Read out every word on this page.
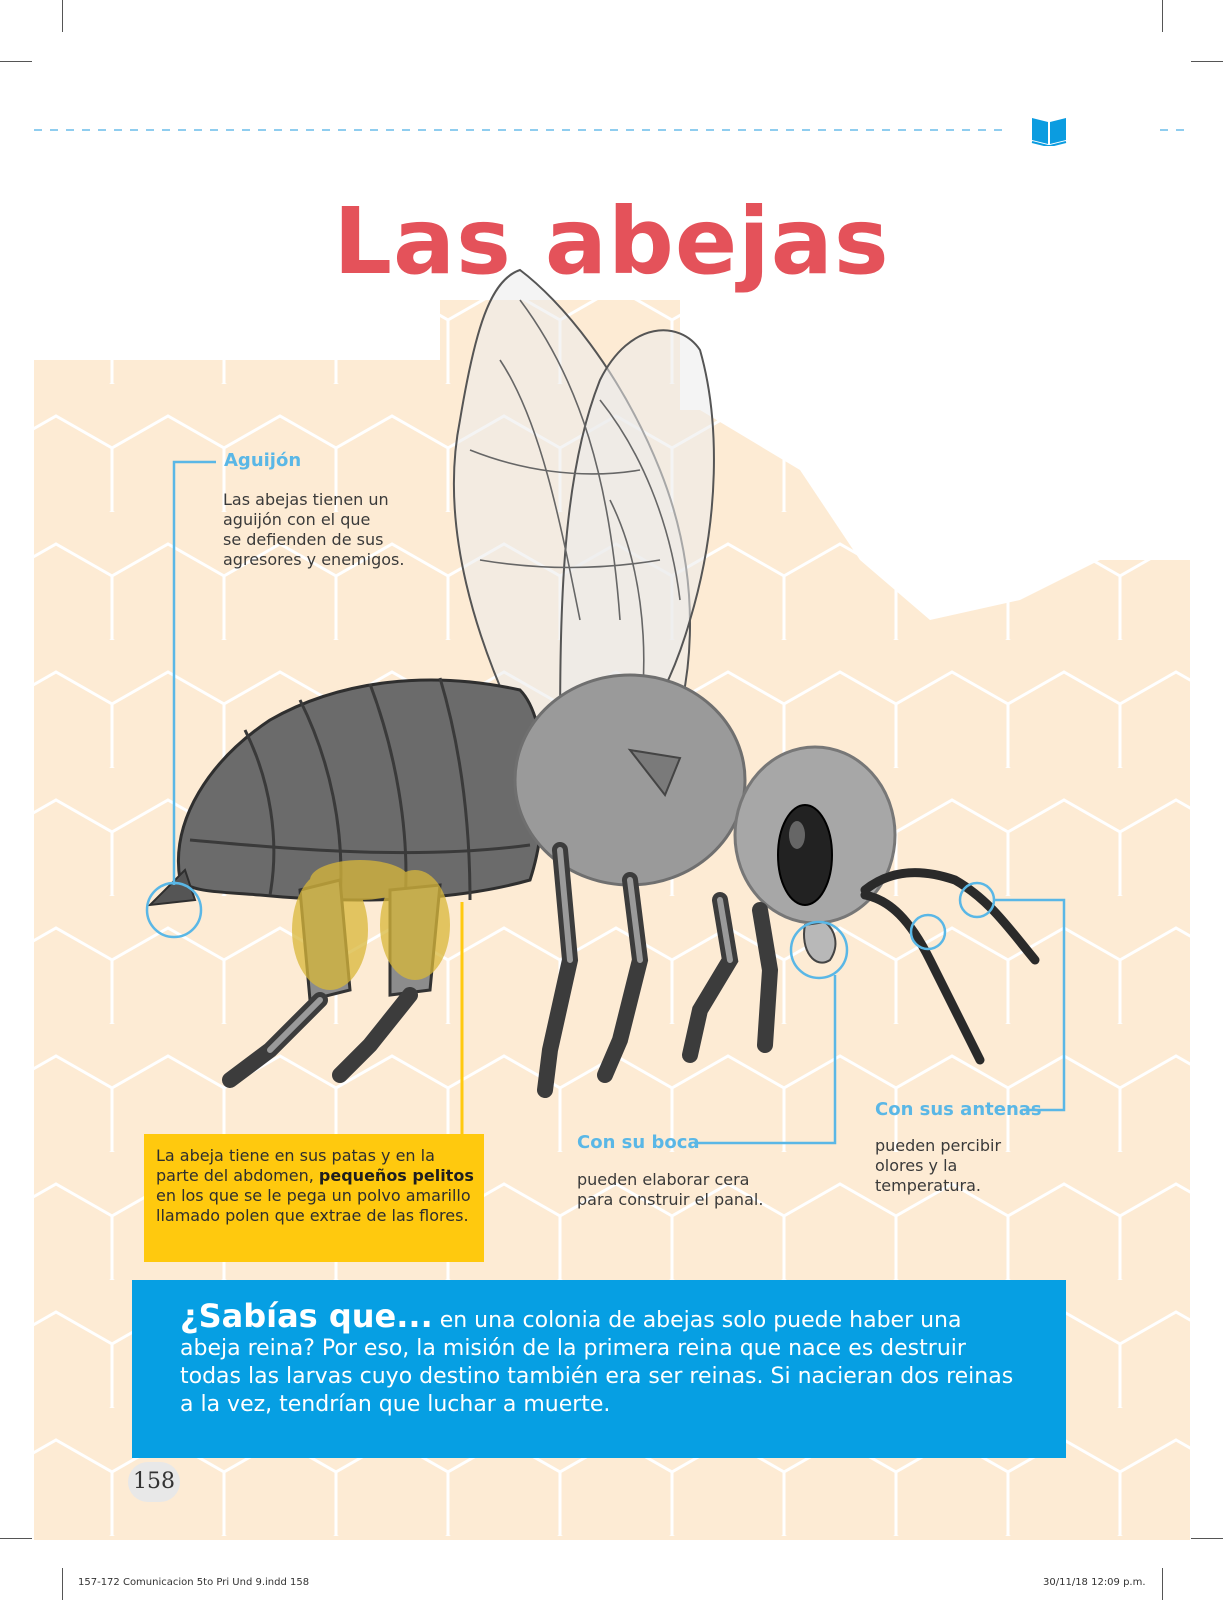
Las abejas
Aguijón
Las abejas tienen un
aguijón con el que
se defienden de sus
agresores y enemigos.
Con su boca
pueden elaborar cera
para construir el panal.
Con sus antenas
pueden percibir
olores y la
temperatura.
La abeja tiene en sus patas y en la parte del abdomen, pequeños pelitos en los que se le pega un polvo amarillo llamado polen que extrae de las flores.
¿Sabías que... en una colonia de abejas solo puede haber una abeja reina? Por eso, la misión de la primera reina que nace es destruir todas las larvas cuyo destino también era ser reinas. Si nacieran dos reinas a la vez, tendrían que luchar a muerte.
158
157-172 Comunicacion 5to Pri Und 9.indd 158	30/11/18 12:09 p.m.
